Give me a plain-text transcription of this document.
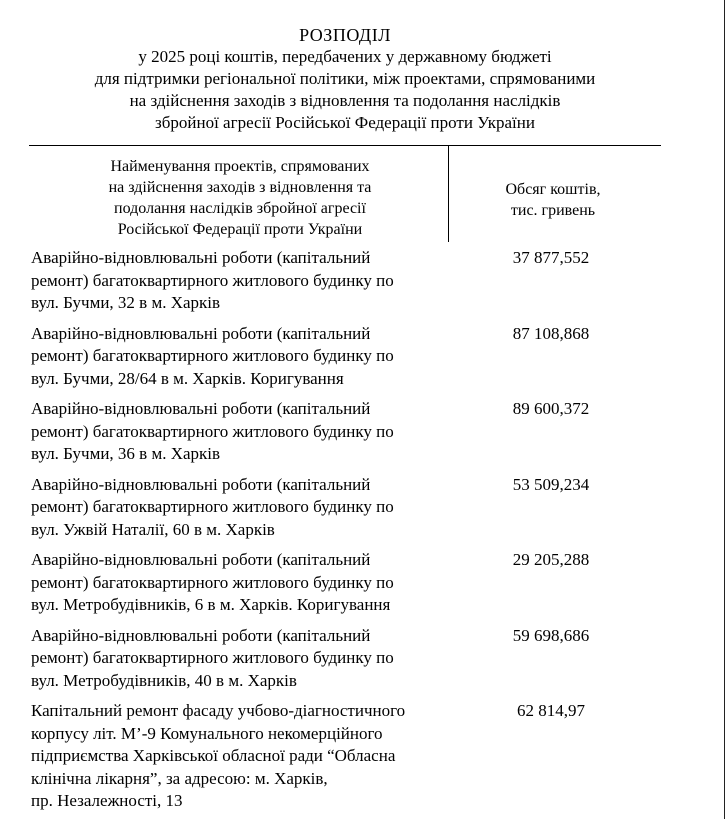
РОЗПОДІЛ

у 2025 році коштів, передбачених у державному бюджеті

для підтримки регіональної політики, між проектами, спрямованими

на здійснення заходів з відновлення та подолання наслідків

збройної агресії Російської Федерації проти України

Найменування проектів, спрямованих
на здійснення заходів з відновлення та
подолання наслідків збройної агресії
Російської Федерації проти України
Обсяг коштів,
тис. гривень
Аварійно-відновлювальні роботи (капітальний
ремонт) багатоквартирного житлового будинку по
вул. Бучми, 32 в м. Харків
37 877,552
Аварійно-відновлювальні роботи (капітальний
ремонт) багатоквартирного житлового будинку по
вул. Бучми, 28/64 в м. Харків. Коригування
87 108,868
Аварійно-відновлювальні роботи (капітальний
ремонт) багатоквартирного житлового будинку по
вул. Бучми, 36 в м. Харків
89 600,372
Аварійно-відновлювальні роботи (капітальний
ремонт) багатоквартирного житлового будинку по
вул. Ужвій Наталії, 60 в м. Харків
53 509,234
Аварійно-відновлювальні роботи (капітальний
ремонт) багатоквартирного житлового будинку по
вул. Метробудівників, 6 в м. Харків. Коригування
29 205,288
Аварійно-відновлювальні роботи (капітальний
ремонт) багатоквартирного житлового будинку по
вул. Метробудівників, 40 в м. Харків
59 698,686
Капітальний ремонт фасаду учбово-діагностичного
корпусу літ. М’-9 Комунального некомерційного
підприємства Харківської обласної ради “Обласна
клінічна лікарня”, за адресою: м. Харків,
пр. Незалежності, 13
62 814,97
